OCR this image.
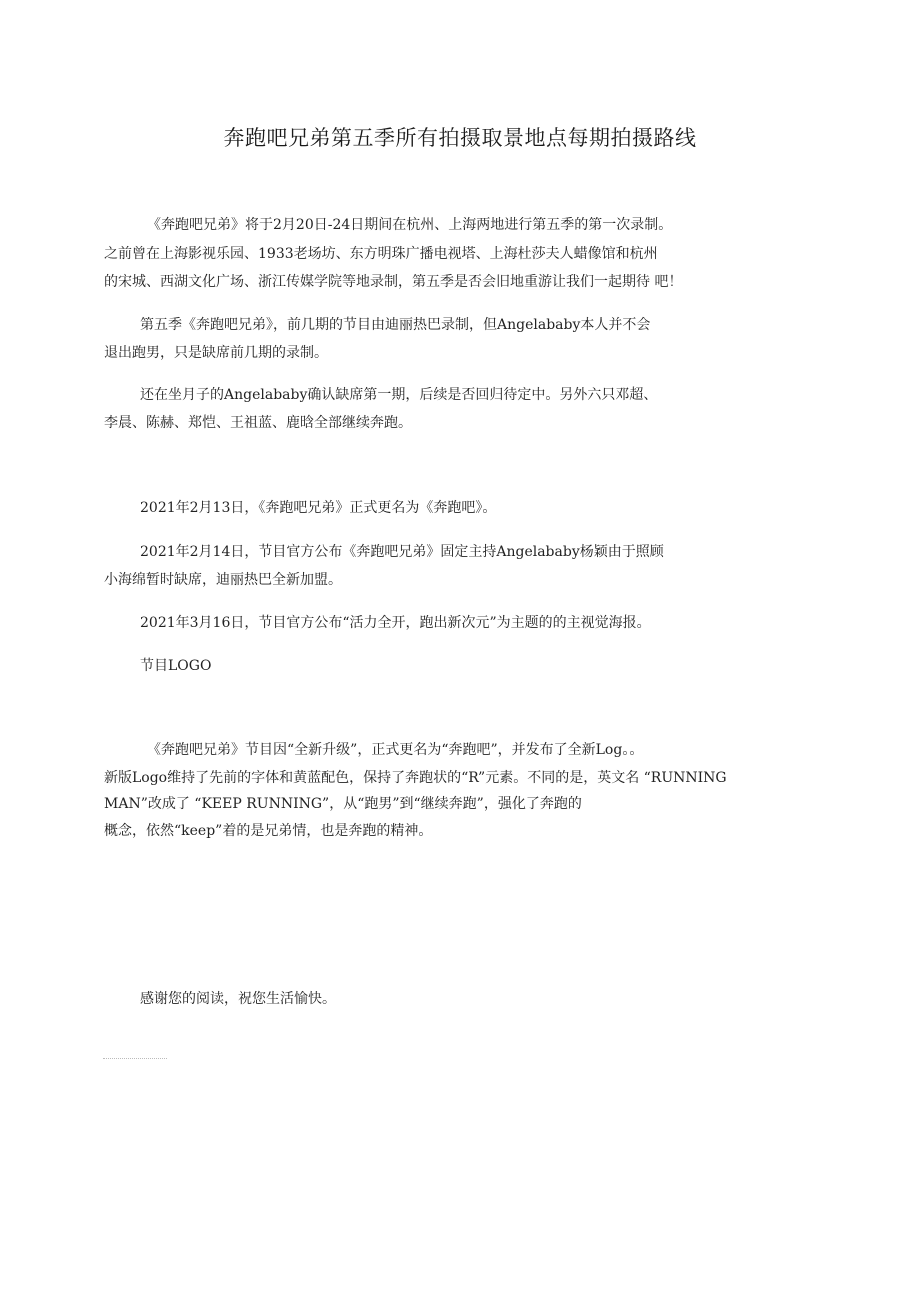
奔跑吧兄弟第五季所有拍摄取景地点每期拍摄路线

《奔跑吧兄弟》将于2月20日-24日期间在杭州、上海两地进行第五季的第一次录制。

之前曾在上海影视乐园、1933老场坊、东方明珠广播电视塔、上海杜莎夫人蜡像馆和杭州

的宋城、西湖文化广场、浙江传媒学院等地录制，第五季是否会旧地重游让我们一起期待 吧！

第五季《奔跑吧兄弟》，前几期的节目由迪丽热巴录制，但Angelababy本人并不会

退出跑男，只是缺席前几期的录制。

还在坐月子的Angelababy确认缺席第一期，后续是否回归待定中。另外六只邓超、

李晨、陈赫、郑恺、王祖蓝、鹿晗全部继续奔跑。

2021年2月13日，《奔跑吧兄弟》正式更名为《奔跑吧》。

2021年2月14日，节目官方公布《奔跑吧兄弟》固定主持Angelababy杨颖由于照顾

小海绵暂时缺席，迪丽热巴全新加盟。

2021年3月16日，节目官方公布“活力全开，跑出新次元”为主题的的主视觉海报。

节目LOGO

《奔跑吧兄弟》节目因“全新升级”，正式更名为“奔跑吧”，并发布了全新Log。。

新版Logo维持了先前的字体和黄蓝配色，保持了奔跑状的“R”元素。不同的是，英文名 “RUNNING

MAN”改成了 “KEEP RUNNING”，从“跑男”到“继续奔跑”，强化了奔跑的

概念，依然“keep”着的是兄弟情，也是奔跑的精神。

感谢您的阅读，祝您生活愉快。
